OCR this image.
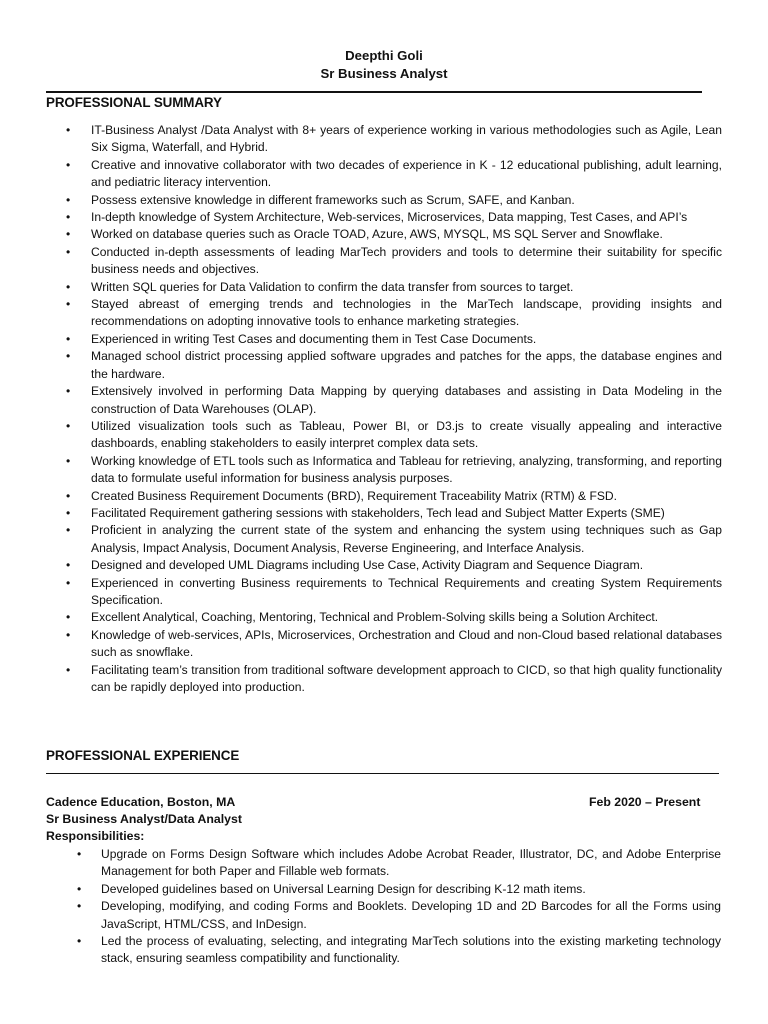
Deepthi Goli
Sr Business Analyst
PROFESSIONAL SUMMARY
• IT-Business Analyst /Data Analyst with 8+ years of experience working in various methodologies such as Agile, Lean Six Sigma, Waterfall, and Hybrid.
• Creative and innovative collaborator with two decades of experience in K - 12 educational publishing, adult learning, and pediatric literacy intervention.
• Possess extensive knowledge in different frameworks such as Scrum, SAFE, and Kanban.
• In-depth knowledge of System Architecture, Web-services, Microservices, Data mapping, Test Cases, and API’s
• Worked on database queries such as Oracle TOAD, Azure, AWS, MYSQL, MS SQL Server and Snowflake.
• Conducted in-depth assessments of leading MarTech providers and tools to determine their suitability for specific business needs and objectives.
• Written SQL queries for Data Validation to confirm the data transfer from sources to target.
• Stayed abreast of emerging trends and technologies in the MarTech landscape, providing insights and recommendations on adopting innovative tools to enhance marketing strategies.
• Experienced in writing Test Cases and documenting them in Test Case Documents.
• Managed school district processing applied software upgrades and patches for the apps, the database engines and the hardware.
• Extensively involved in performing Data Mapping by querying databases and assisting in Data Modeling in the construction of Data Warehouses (OLAP).
• Utilized visualization tools such as Tableau, Power BI, or D3.js to create visually appealing and interactive dashboards, enabling stakeholders to easily interpret complex data sets.
• Working knowledge of ETL tools such as Informatica and Tableau for retrieving, analyzing, transforming, and reporting data to formulate useful information for business analysis purposes.
• Created Business Requirement Documents (BRD), Requirement Traceability Matrix (RTM) & FSD.
• Facilitated Requirement gathering sessions with stakeholders, Tech lead and Subject Matter Experts (SME)
• Proficient in analyzing the current state of the system and enhancing the system using techniques such as Gap Analysis, Impact Analysis, Document Analysis, Reverse Engineering, and Interface Analysis.
• Designed and developed UML Diagrams including Use Case, Activity Diagram and Sequence Diagram.
• Experienced in converting Business requirements to Technical Requirements and creating System Requirements Specification.
• Excellent Analytical, Coaching, Mentoring, Technical and Problem-Solving skills being a Solution Architect.
• Knowledge of web-services, APIs, Microservices, Orchestration and Cloud and non-Cloud based relational databases such as snowflake.
• Facilitating team’s transition from traditional software development approach to CICD, so that high quality functionality can be rapidly deployed into production.
PROFESSIONAL EXPERIENCE
Cadence Education, Boston, MA	Feb 2020 – Present
Sr Business Analyst/Data Analyst
Responsibilities:
• Upgrade on Forms Design Software which includes Adobe Acrobat Reader, Illustrator, DC, and Adobe Enterprise Management for both Paper and Fillable web formats.
• Developed guidelines based on Universal Learning Design for describing K-12 math items.
• Developing, modifying, and coding Forms and Booklets. Developing 1D and 2D Barcodes for all the Forms using JavaScript, HTML/CSS, and InDesign.
• Led the process of evaluating, selecting, and integrating MarTech solutions into the existing marketing technology stack, ensuring seamless compatibility and functionality.
